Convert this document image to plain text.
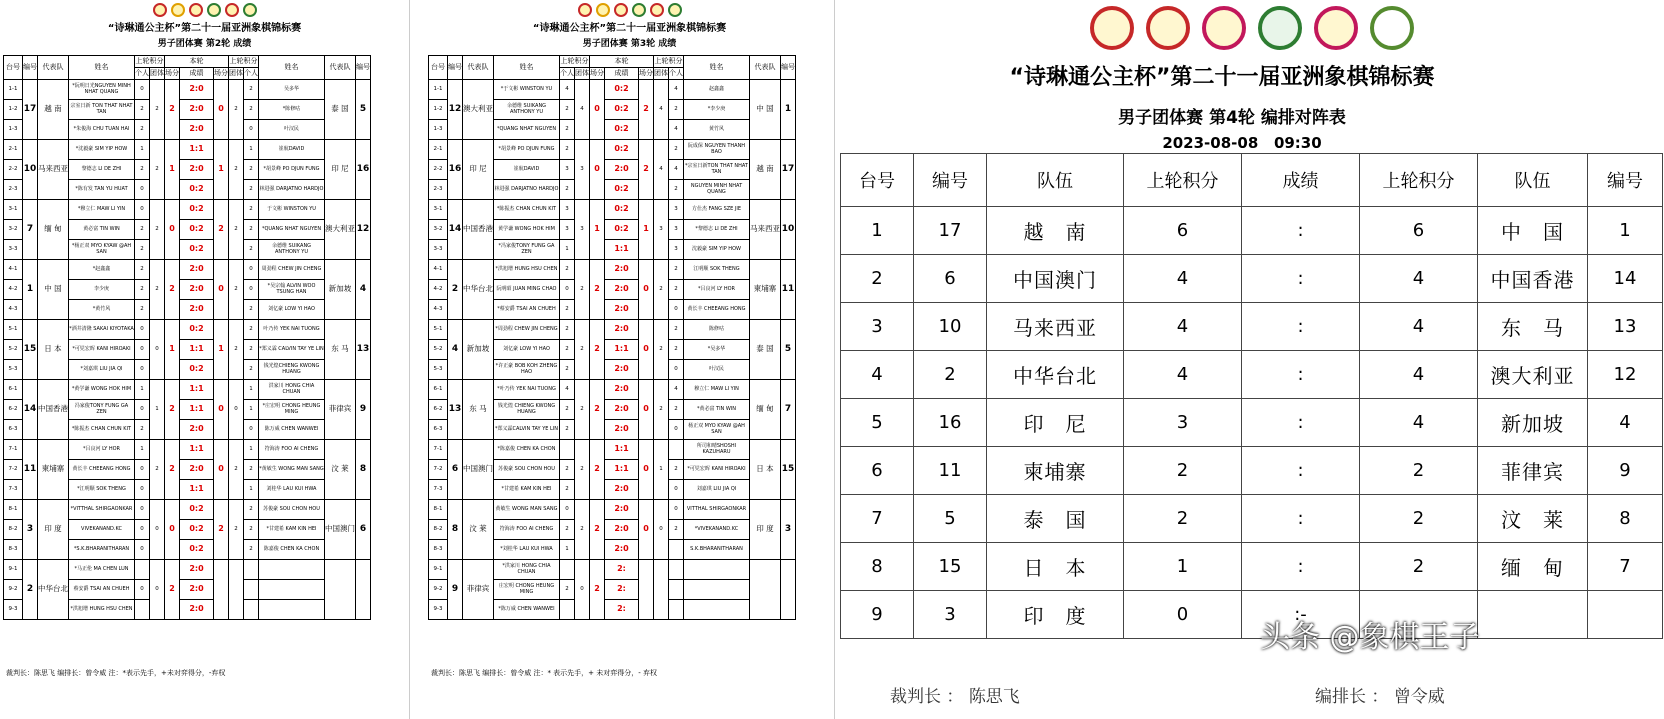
“诗琳通公主杯”第二十一届亚洲象棋锦标赛
男子团体赛 第2轮 成绩
台号	编号	代表队	姓名	上轮积分		本轮			上轮积分		姓名	代表队	编号
				个人	团体	场分	成绩	场分	团体	个人			
1-1	17	越 南	*阮明日光NGUYEN MINH NHAT QUANG	0	2	2	2:0	0	2	2	吴多华	泰 国	5
1-2			宗室日新 TON THAT NHAT TAN	2			2:0			2	*陈修咕		
1-3			*朱俊海 CHU TUAN HAI	2			2:0			0	叶汉民		
2-1	10	马来西亚	*沈毅豪 SIM YIP HOW	1	2	1	1:1	1	2	1	崔航DAVID	印 尼	16
2-2			黎德志 LI DE ZHI	2			2:0			2	*胡景峰 PO DJUN FUNG		
2-3			*陈有发 TAN YU HUAT	0			0:2			2	林进强 DARJATNO HARDJO		
3-1	7	缅 甸	*穆立仁 MAW LI YIN	0	2	0	0:2	2	2	2	于文彬 WINSTON YU	澳大利亚	12
3-2			黄必富 TIN WIN	2			0:2			2	*QUANG NHAT NGUYEN		
3-3			*杨正双 MYO KYAW @AH SAN	2			0:2			2	余德维 SUIKANG ANTHONY YU		
4-1	1	中 国	*赵鑫鑫	2	2	2	2:0	0	2	0	周劲程 CHEW JIN CHENG	新加坡	4
4-2			李少庚	2			2:0			0	*吴宗翰 ALVIN WOO TSUNG HAN		
4-3			*黄竹风	2			2:0			2	刘亿豪 LOW YI HAO		
5-1	15	日 本	*酒井清隆 SAKAI KIYOTAKA	0	0	1	0:2	1	2	2	叶乃传 YEK NAI TUONG	东 马	13
5-2			*可児宏晖 KANI HIROAKI	0			1:1			2	*郑义霖 CALVIN TAY YE LIN		
5-3			*刘嘉琪 LIU JIA QI	0			0:2			2	钱光煌CHIENG KWONG HUANG		
6-1	14	中国香港	*黄学谦 WONG HOK HIM	1	1	2	1:1	0	0	1	洪家川 HONG CHIA CHUAN	菲律宾	9
6-2			冯家俊TONY FUNG GA ZEN	0			1:1			1	*庄宏明 CHONG HEUNG MING		
6-3			*陈振杰 CHAN CHUN KIT	2			2:0			0	陈万威 CHEN WANWEI		
7-1	11	柬埔寨	*吕良河 LY HOR	1	2	2	1:1	0	2	1	符海涛 FOO AI CHENG	汶 莱	8
7-2			黄长丰 CHEEANG HONG	0			2:0			2	*黄敏生 WONG MAN SANG		
7-3			*江明顺 SOK THENG	0			1:1			1	刘桂华 LAU KUI HWA		
8-1	3	印 度	*VITTHAL SHIRGAONKAR	0	0	0	0:2	2	2	2	苏俊豪 SOU CHON HOU	中国澳门	6
8-2			VIVEKANAND.KC	0			0:2			2	*甘建希 KAM KIN HEI		
8-3			*S.K.BHARANITHARAN	0			0:2			2	陈嘉俊 CHEN KA CHON		
9-1	2	中华台北	*马正伦 MA CHEN LUN		0	2	2:0						
9-2			蔡安爵 TSAI AN CHUEH	0			2:0						
9-3			*洪旭增 HUNG HSU CHEN				2:0						
裁判长：陈思飞 编排长：曾令威 注：*表示先手，+未对弈得分，-弃权
“诗琳通公主杯”第二十一届亚洲象棋锦标赛
男子团体赛 第3轮 成绩
台号	编号	代表队	姓名	上轮积分		本轮			上轮积分		姓名	代表队	编号
				个人	团体	场分	成绩	场分	团体	个人			
1-1	12	澳大利亚	*于文彬 WINSTON YU	4	4	0	0:2	2	4	4	赵鑫鑫	中 国	1
1-2			余德维 SUIKANG ANTHONY YU	2			0:2			2	*李少庚		
1-3			*QUANG NHAT NGUYEN	2			0:2			4	黄竹风		
2-1	16	印 尼	*胡景峰 PO DJUN FUNG	2	3	0	0:2	2	4	2	阮成保 NGUYEN THANH BAO	越 南	17
2-2			崔航DAVID	3			2:0			4	*宗室日新TON THAT NHAT TAN		
2-3			林进强 DARJATNO HARDJO	2			0:2			2	NGUYEN MINH NHAT QUANG		
3-1	14	中国香港	*陈振杰 CHAN CHUN KIT	3	3	1	0:2	1	3	3	方仕杰 FANG SZE JIE	马来西亚	10
3-2			黄学谦 WONG HOK HIM	3			0:2			3	*黎德志 LI DE ZHI		
3-3			*冯家俊TONY FUNG GA ZEN	1			1:1			3	沈毅豪 SIM YIP HOW		
4-1	2	中华台北	*洪旭增 HUNG HSU CHEN	2	2	2	2:0	0	2	2	江明顺 SOK THENG	柬埔寨	11
4-2			阮明昭 JUAN MING CHAO	0			2:0			2	*吕良河 LY HOR		
4-3			*蔡安爵 TSAI AN CHUEH	2			2:0			0	黄长丰 CHEEANG HONG		
5-1	4	新加坡	*周劲程 CHEW JIN CHENG	2	2	2	2:0	0	2	2	陈修咕	泰 国	5
5-2			刘亿豪 LOW YI HAO	2			1:1			2	*吴多华		
5-3			*许正豪 BOB KOH ZHENG HAO	2			2:0			0	叶汉民		
6-1	13	东 马	*叶乃传 YEK NAI TUONG	4	2	2	2:0	0	2	4	穆立仁 MAW LI YIN	缅 甸	7
6-2			钱光煌 CHIENG KWONG HUANG	2			2:0			2	*黄必富 TIN WIN		
6-3			*郑义霖CALVIN TAY YE LIN	2			2:0			0	杨正双 MYO KYAW @AH SAN		
7-1	6	中国澳门	*陈嘉俊 CHEN KA CHON		2	2	1:1	0	1		所司和晴SHOSHI KAZUHARU	日 本	15
7-2			苏俊豪 SOU CHON HOU	2			1:1			2	*可児宏晖 KANI HIROAKI		
7-3			*甘建希 KAM KIN HEI	2			2:0			0	刘嘉琪 LIU JIA QI		
8-1	8	汶 莱	黄敏生 WONG MAN SANG	0	2	2	2:0	0	0	0	VITTHAL SHIRGAONKAR	印 度	3
8-2			符海涛 FOO AI CHENG	2			2:0			2	*VIVEKANAND.KC		
8-3			*刘桂华 LAU KUI HWA	1			2:0				S.K.BHARANITHARAN		
9-1	9	菲律宾	*洪家川 HONG CHIA CHUAN		0	2	2:						
9-2			庄宏明 CHONG HEUNG MING	2			2:						
9-3			*陈万威 CHEN WANWEI				2:						
裁判长：陈思飞 编排长：曾令威 注：* 表示先手，+ 未对弈得分，- 弃权
“诗琳通公主杯”第二十一届亚洲象棋锦标赛
男子团体赛 第4轮 编排对阵表
2023-08-08 09:30
台号	编号	队伍	上轮积分	成绩	上轮积分	队伍	编号
1	17	越　南	6	:	6	中　国	1
2	6	中国澳门	4	:	4	中国香港	14
3	10	马来西亚	4	:	4	东　马	13
4	2	中华台北	4	:	4	澳大利亚	12
5	16	印　尼	3	:	4	新加坡	4
6	11	柬埔寨	2	:	2	菲律宾	9
7	5	泰　国	2	:	2	汶　莱	8
8	15	日　本	1	:	2	缅　甸	7
9	3	印　度	0	:-			
裁判长 ： 陈思飞	编排长 ： 曾令威
头条 @象棋王子
